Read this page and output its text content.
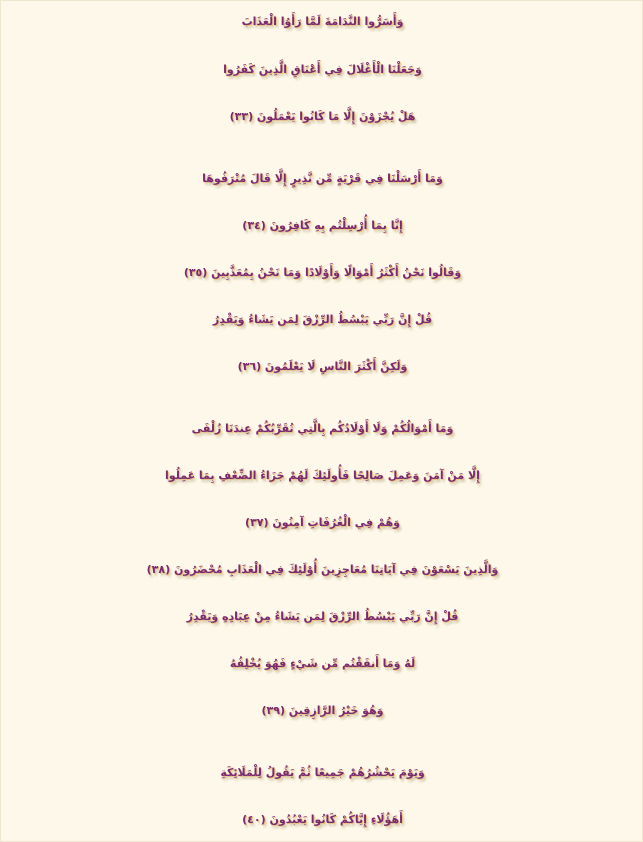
وَأَسَرُّوا النَّدَامَةَ لَمَّا رَأَوُا الْعَذَابَ
وَجَعَلْنَا الْأَغْلَالَ فِي أَعْنَاقِ الَّذِينَ كَفَرُوا
هَلْ يُجْزَوْنَ إِلَّا مَا كَانُوا يَعْمَلُونَ (٣٣)
وَمَا أَرْسَلْنَا فِي قَرْيَةٍ مِّن نَّذِيرٍ إِلَّا قَالَ مُتْرَفُوهَا
إِنَّا بِمَا أُرْسِلْتُم بِهِ كَافِرُونَ (٣٤)
وَقَالُوا نَحْنُ أَكْثَرُ أَمْوَالًا وَأَوْلَادًا وَمَا نَحْنُ بِمُعَذَّبِينَ (٣٥)
قُلْ إِنَّ رَبِّي يَبْسُطُ الرِّزْقَ لِمَن يَشَاءُ وَيَقْدِرُ
وَلَكِنَّ أَكْثَرَ النَّاسِ لَا يَعْلَمُونَ (٣٦)
وَمَا أَمْوَالُكُمْ وَلَا أَوْلَادُكُم بِالَّتِي تُقَرِّبُكُمْ عِندَنَا زُلْفَى
إِلَّا مَنْ آمَنَ وَعَمِلَ صَالِحًا فَأُولَئِكَ لَهُمْ جَزَاءُ الضِّعْفِ بِمَا عَمِلُوا
وَهُمْ فِي الْغُرُفَاتِ آمِنُونَ (٣٧)
وَالَّذِينَ يَسْعَوْنَ فِي آيَاتِنَا مُعَاجِزِينَ أُوْلَئِكَ فِي الْعَذَابِ مُحْضَرُونَ (٣٨)
قُلْ إِنَّ رَبِّي يَبْسُطُ الرِّزْقَ لِمَن يَشَاءُ مِنْ عِبَادِهِ وَيَقْدِرُ
لَهُ وَمَا أَنفَقْتُم مِّن شَيْءٍ فَهُوَ يُخْلِفُهُ
وَهُوَ خَيْرُ الرَّازِقِينَ (٣٩)
وَيَوْمَ يَحْشُرُهُمْ جَمِيعًا ثُمَّ يَقُولُ لِلْمَلَائِكَةِ
أَهَؤُلَاءِ إِيَّاكُمْ كَانُوا يَعْبُدُونَ (٤٠)
